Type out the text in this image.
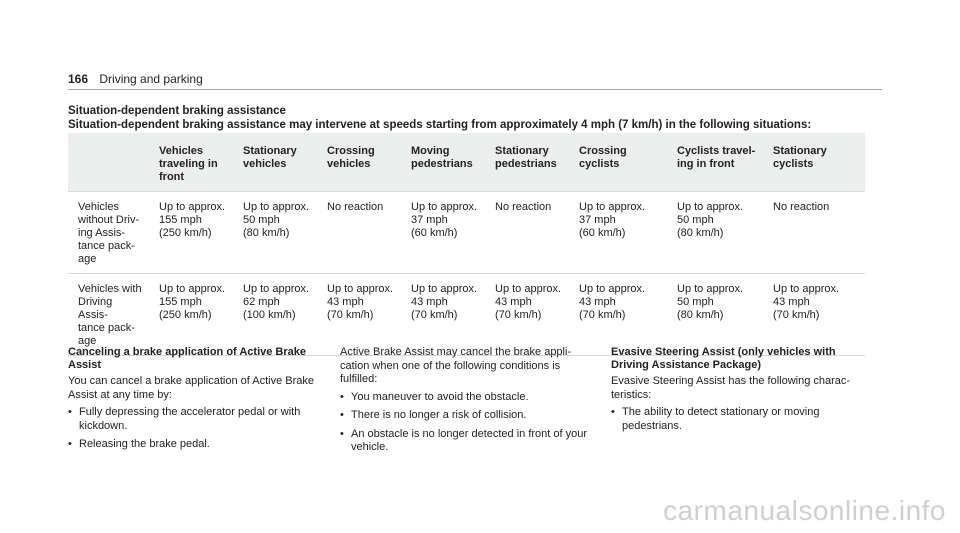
166 Driving and parking
Situation-dependent braking assistance
Situation-dependent braking assistance may intervene at speeds starting from approximately 4 mph (7 km/h) in the following situations:
	Vehicles
traveling in
front	Stationary
vehicles	Crossing
vehicles	Moving
pedestrians	Stationary
pedestrians	Crossing
cyclists	Cyclists travel-
ing in front	Stationary
cyclists
Vehicles
without Driv-
ing Assis-
tance pack-
age	Up to approx.
155 mph
(250 km/h)	Up to approx.
50 mph
(80 km/h)	No reaction	Up to approx.
37 mph
(60 km/h)	No reaction	Up to approx.
37 mph
(60 km/h)	Up to approx.
50 mph
(80 km/h)	No reaction
Vehicles with
Driving Assis-
tance pack-
age	Up to approx.
155 mph
(250 km/h)	Up to approx.
62 mph
(100 km/h)	Up to approx.
43 mph
(70 km/h)	Up to approx.
43 mph
(70 km/h)	Up to approx.
43 mph
(70 km/h)	Up to approx.
43 mph
(70 km/h)	Up to approx.
50 mph
(80 km/h)	Up to approx.
43 mph
(70 km/h)
Canceling a brake application of Active Brake Assist

You can cancel a brake application of Active Brake Assist at any time by:

• Fully depressing the accelerator pedal or with kickdown.
• Releasing the brake pedal.

Active Brake Assist may cancel the brake appli-cation when one of the following conditions is fulfilled:

• You maneuver to avoid the obstacle.
• There is no longer a risk of collision.
• An obstacle is no longer detected in front of your vehicle.
Evasive Steering Assist (only vehicles with Driving Assistance Package)

Evasive Steering Assist has the following charac-teristics:

• The ability to detect stationary or moving pedestrians.
carmanualsonline.info
